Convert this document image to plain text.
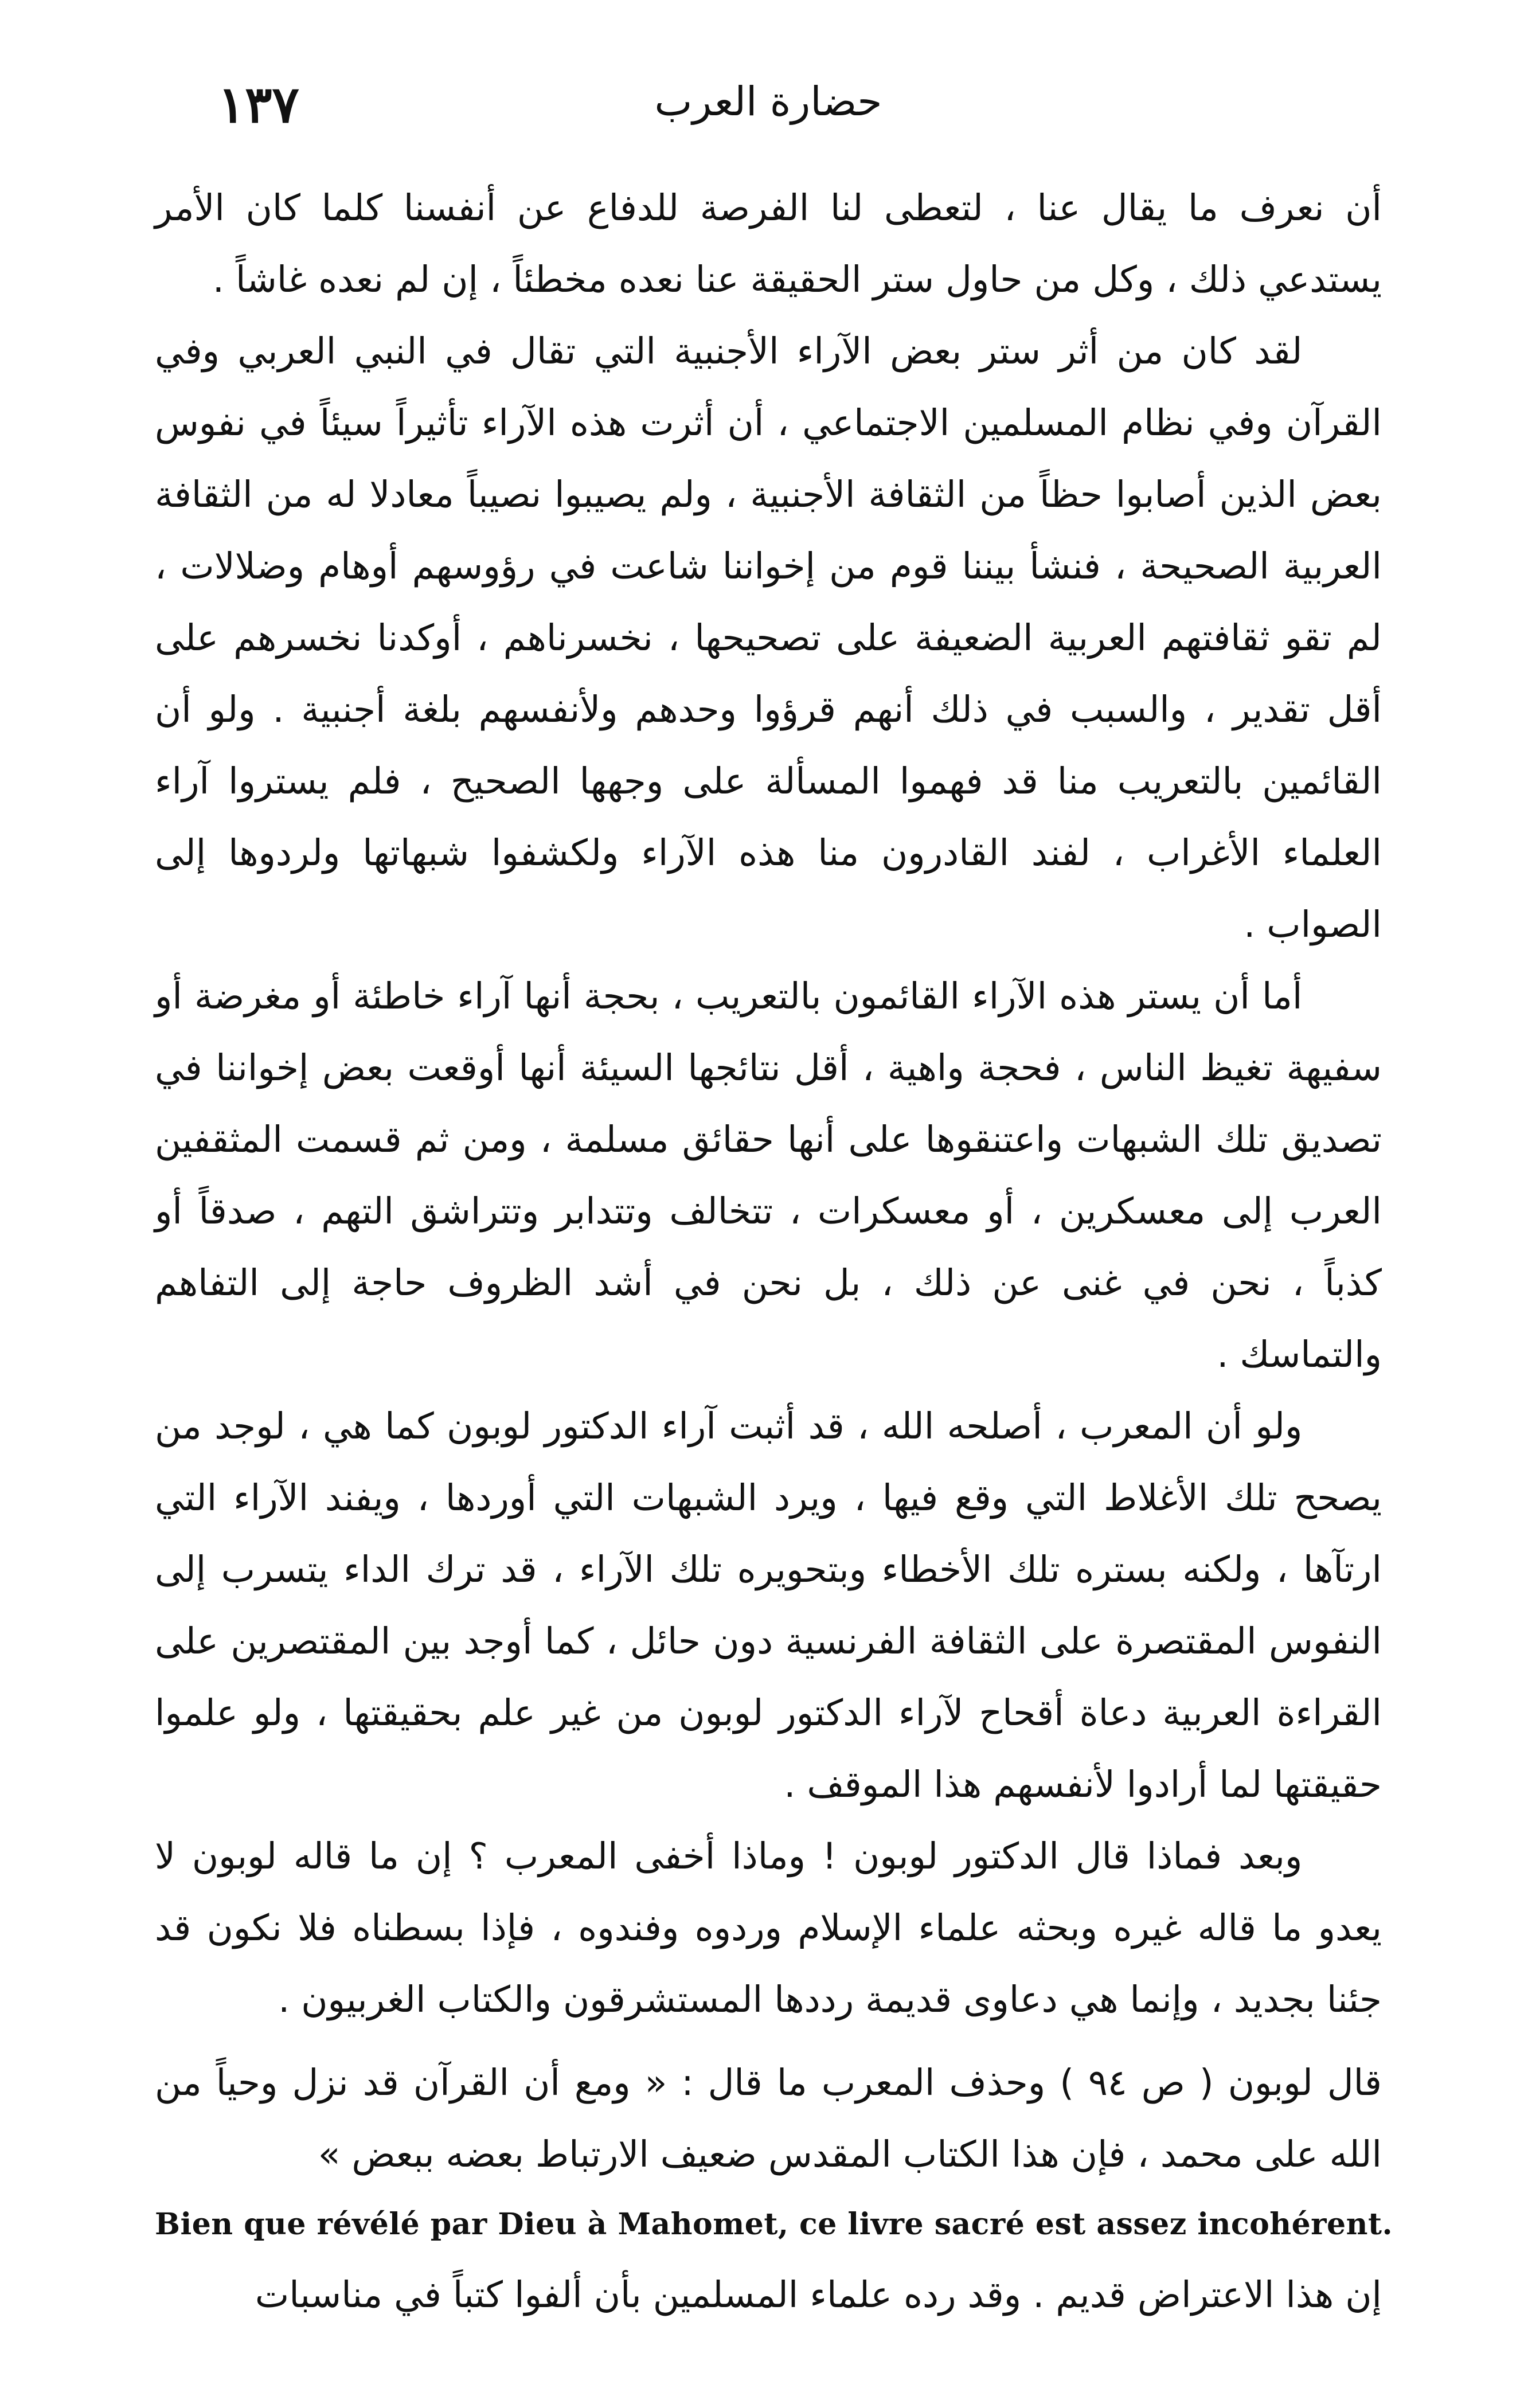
١٣٧	حضارة العرب

أن نعرف ما يقال عنا ، لتعطى لنا الفرصة للدفاع عن أنفسنا كلما كان الأمر يستدعي ذلك ، وكل من حاول ستر الحقيقة عنا نعده مخطئاً ، إن لم نعده غاشاً .

لقد كان من أثر ستر بعض الآراء الأجنبية التي تقال في النبي العربي وفي القرآن وفي نظام المسلمين الاجتماعي ، أن أثرت هذه الآراء تأثيراً سيئاً في نفوس بعض الذين أصابوا حظاً من الثقافة الأجنبية ، ولم يصيبوا نصيباً معادلا له من الثقافة العربية الصحيحة ، فنشأ بيننا قوم من إخواننا شاعت في رؤوسهم أوهام وضلالات ، لم تقو ثقافتهم العربية الضعيفة على تصحيحها ، نخسرناهم ، أوكدنا نخسرهم على أقل تقدير ، والسبب في ذلك أنهم قرؤوا وحدهم ولأنفسهم بلغة أجنبية . ولو أن القائمين بالتعريب منا قد فهموا المسألة على وجهها الصحيح ، فلم يستروا آراء العلماء الأغراب ، لفند القادرون منا هذه الآراء ولكشفوا شبهاتها ولردوها إلى الصواب .

أما أن يستر هذه الآراء القائمون بالتعريب ، بحجة أنها آراء خاطئة أو مغرضة أو سفيهة تغيظ الناس ، فحجة واهية ، أقل نتائجها السيئة أنها أوقعت بعض إخواننا في تصديق تلك الشبهات واعتنقوها على أنها حقائق مسلمة ، ومن ثم قسمت المثقفين العرب إلى معسكرين ، أو معسكرات ، تتخالف وتتدابر وتتراشق التهم ، صدقاً أو كذباً ، نحن في غنى عن ذلك ، بل نحن في أشد الظروف حاجة إلى التفاهم والتماسك .

ولو أن المعرب ، أصلحه الله ، قد أثبت آراء الدكتور لوبون كما هي ، لوجد من يصحح تلك الأغلاط التي وقع فيها ، ويرد الشبهات التي أوردها ، ويفند الآراء التي ارتآها ، ولكنه بستره تلك الأخطاء وبتحويره تلك الآراء ، قد ترك الداء يتسرب إلى النفوس المقتصرة على الثقافة الفرنسية دون حائل ، كما أوجد بين المقتصرين على القراءة العربية دعاة أقحاح لآراء الدكتور لوبون من غير علم بحقيقتها ، ولو علموا حقيقتها لما أرادوا لأنفسهم هذا الموقف .

وبعد فماذا قال الدكتور لوبون ! وماذا أخفى المعرب ؟ إن ما قاله لوبون لا يعدو ما قاله غيره وبحثه علماء الإسلام وردوه وفندوه ، فإذا بسطناه فلا نكون قد جئنا بجديد ، وإنما هي دعاوى قديمة رددها المستشرقون والكتاب الغربيون .

قال لوبون ( ص ٩٤ ) وحذف المعرب ما قال : « ومع أن القرآن قد نزل وحياً من الله على محمد ، فإن هذا الكتاب المقدس ضعيف الارتباط بعضه ببعض »

Bien que révélé par Dieu à Mahomet, ce livre sacré est assez incohérent.

إن هذا الاعتراض قديم . وقد رده علماء المسلمين بأن ألفوا كتباً في مناسبات
